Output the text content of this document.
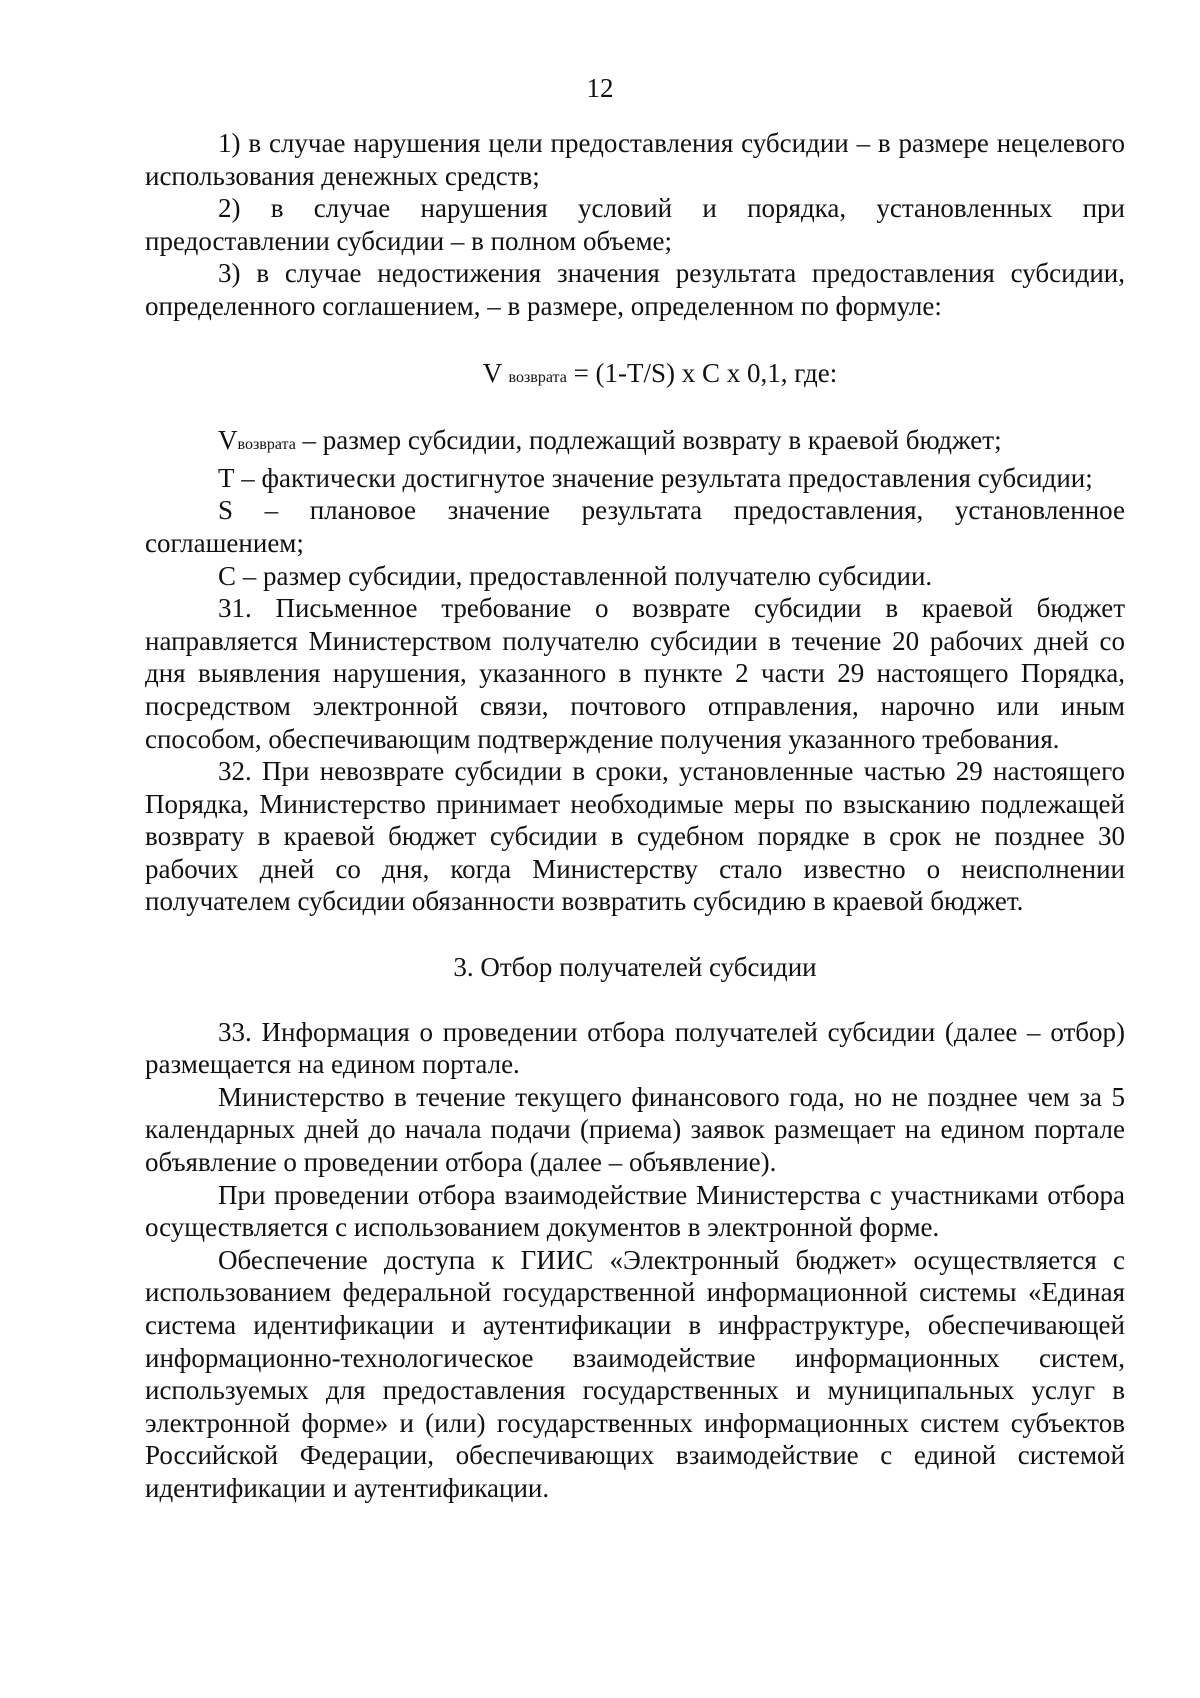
12

1) в случае нарушения цели предоставления субсидии – в размере нецелевого использования денежных средств;

2) в случае нарушения условий и порядка, установленных при предоставлении субсидии – в полном объеме;

3) в случае недостижения значения результата предоставления субсидии, определенного соглашением, – в размере, определенном по формуле:

V возврата = (1-T/S) x C x 0,1, где:

Vвозврата – размер субсидии, подлежащий возврату в краевой бюджет;

Т – фактически достигнутое значение результата предоставления субсидии;

S – плановое значение результата предоставления, установленное соглашением;

С – размер субсидии, предоставленной получателю субсидии.

31. Письменное требование о возврате субсидии в краевой бюджет направляется Министерством получателю субсидии в течение 20 рабочих дней со дня выявления нарушения, указанного в пункте 2 части 29 настоящего Порядка, посредством электронной связи, почтового отправления, нарочно или иным способом, обеспечивающим подтверждение получения указанного требования.

32. При невозврате субсидии в сроки, установленные частью 29 настоящего Порядка, Министерство принимает необходимые меры по взысканию подлежащей возврату в краевой бюджет субсидии в судебном порядке в срок не позднее 30 рабочих дней со дня, когда Министерству стало известно о неисполнении получателем субсидии обязанности возвратить субсидию в краевой бюджет.

3. Отбор получателей субсидии

33. Информация о проведении отбора получателей субсидии (далее – отбор) размещается на едином портале.

Министерство в течение текущего финансового года, но не позднее чем за 5 календарных дней до начала подачи (приема) заявок размещает на едином портале объявление о проведении отбора (далее – объявление).

При проведении отбора взаимодействие Министерства с участниками отбора осуществляется с использованием документов в электронной форме.

Обеспечение доступа к ГИИС «Электронный бюджет» осуществляется с использованием федеральной государственной информационной системы «Единая система идентификации и аутентификации в инфраструктуре, обеспечивающей информационно-технологическое взаимодействие информационных систем, используемых для предоставления государственных и муниципальных услуг в электронной форме» и (или) государственных информационных систем субъектов Российской Федерации, обеспечивающих взаимодействие с единой системой идентификации и аутентификации.
